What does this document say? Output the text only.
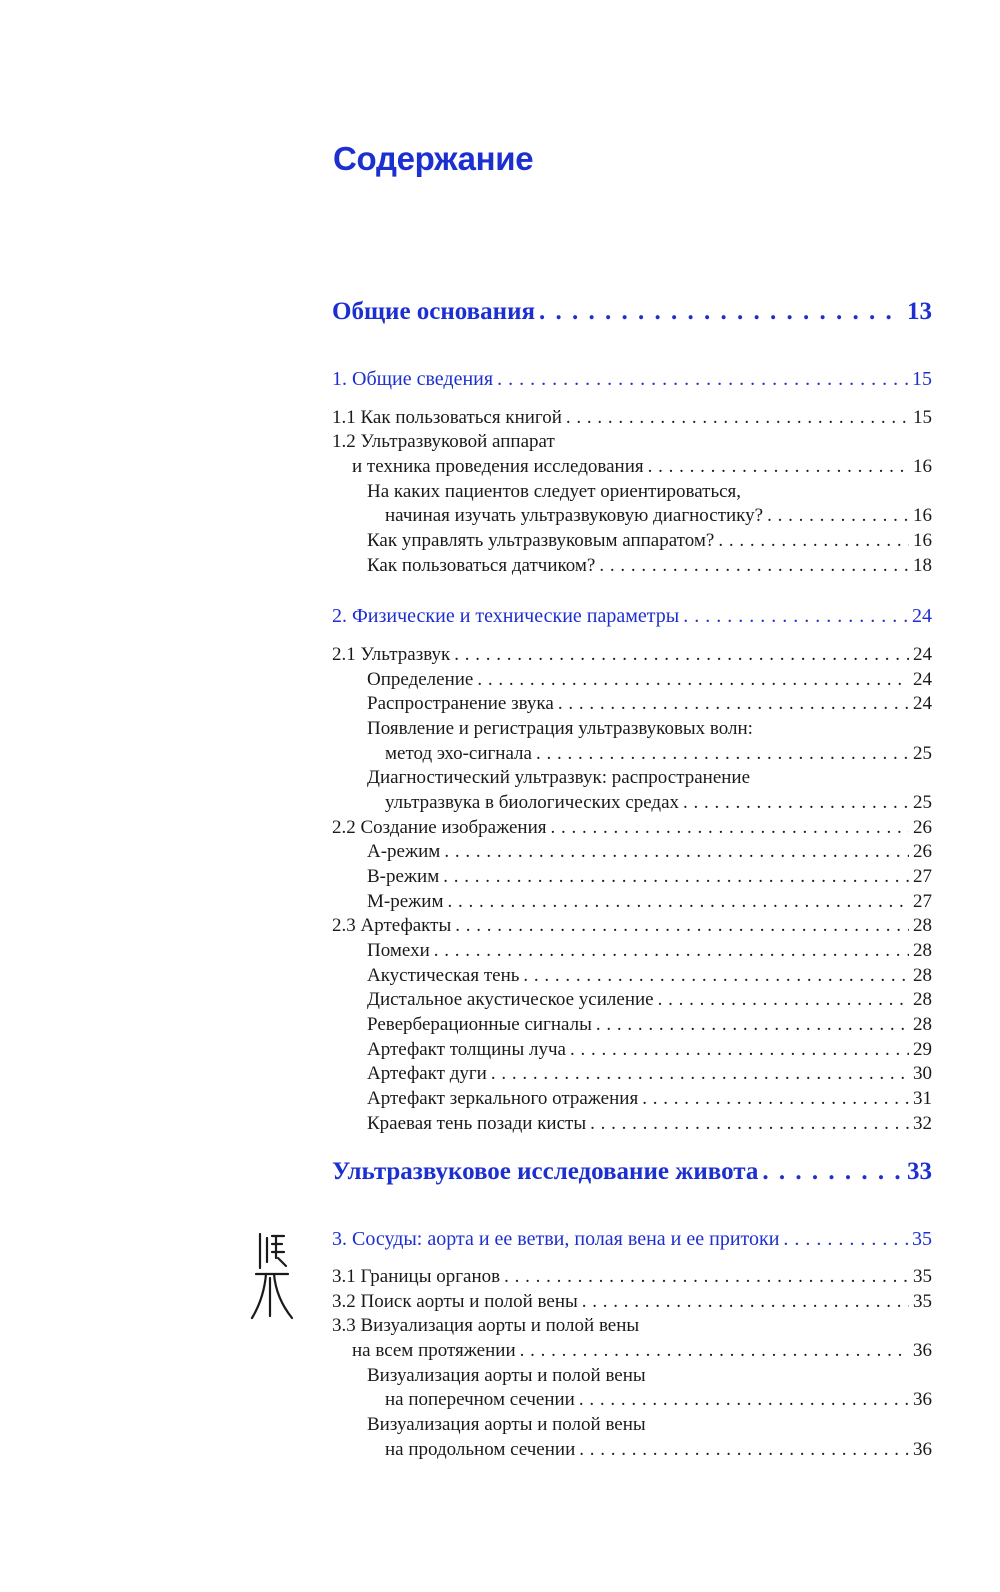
Содержание
Общие основания . . .	13
1. Общие сведения . . .	15
1.1 Как пользоваться книгой . . .	15
1.2 Ультразвуковой аппарат
и техника проведения исследования . . .	16
На каких пациентов следует ориентироваться,
начиная изучать ультразвуковую диагностику? . . .	16
Как управлять ультразвуковым аппаратом? . . .	16
Как пользоваться датчиком? . . .	18
2. Физические и технические параметры . . .	24
2.1 Ультразвук . . .	24
Определение . . .	24
Распространение звука . . .	24
Появление и регистрация ультразвуковых волн:
метод эхо-сигнала . . .	25
Диагностический ультразвук: распространение
ультразвука в биологических средах . . .	25
2.2 Создание изображения . . .	26
А-режим . . .	26
В-режим . . .	27
М-режим . . .	27
2.3 Артефакты . . .	28
Помехи . . .	28
Акустическая тень . . .	28
Дистальное акустическое усиление . . .	28
Реверберационные сигналы . . .	28
Артефакт толщины луча . . .	29
Артефакт дуги . . .	30
Артефакт зеркального отражения . . .	31
Краевая тень позади кисты . . .	32
Ультразвуковое исследование живота . . .	33
3. Сосуды: аорта и ее ветви, полая вена и ее притоки . . .	35
3.1 Границы органов . . .	35
3.2 Поиск аорты и полой вены . . .	35
3.3 Визуализация аорты и полой вены
на всем протяжении . . .	36
Визуализация аорты и полой вены
на поперечном сечении . . .	36
Визуализация аорты и полой вены
на продольном сечении . . .	36
